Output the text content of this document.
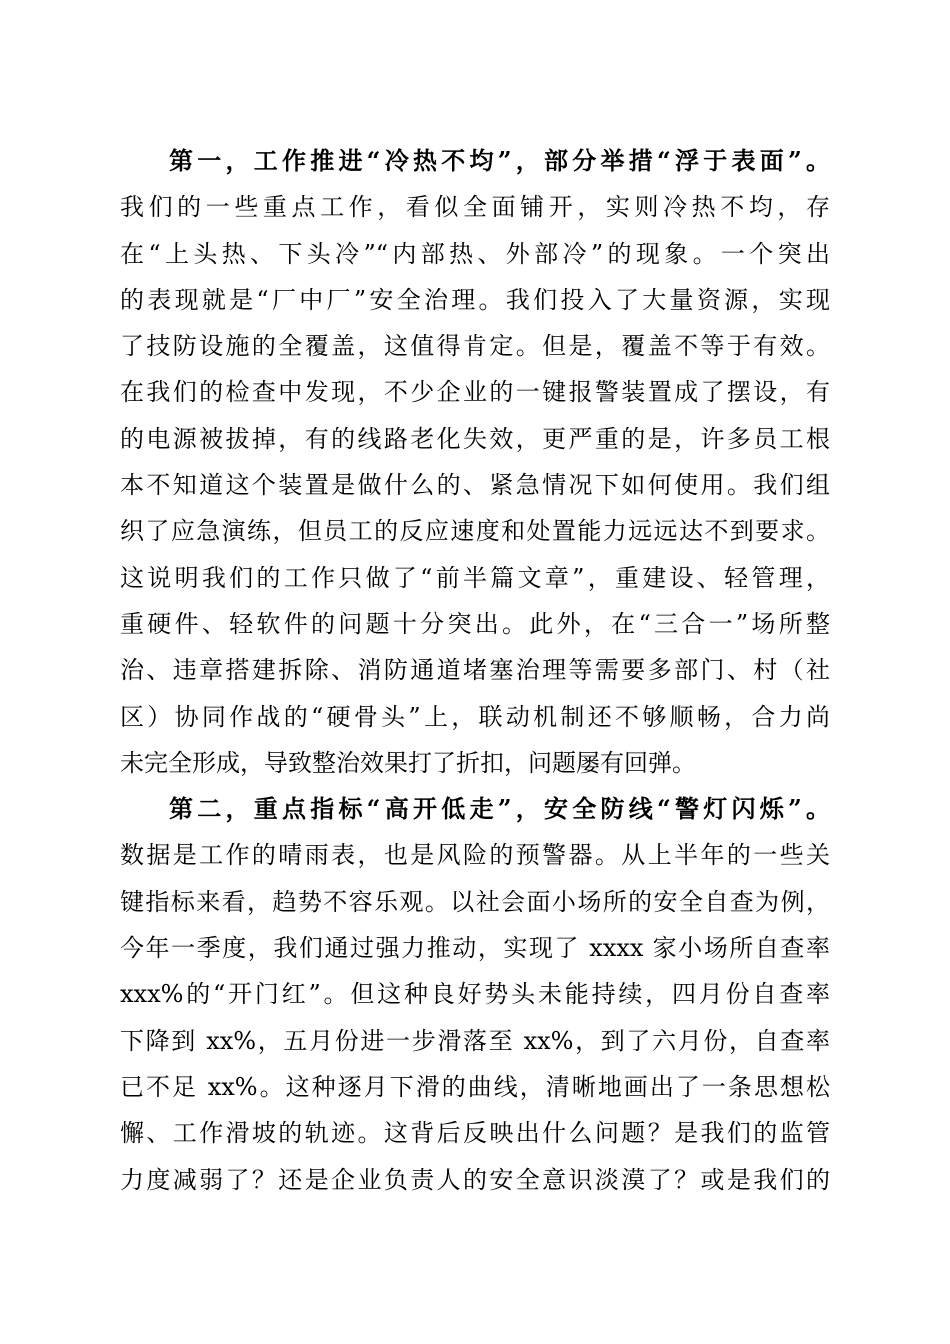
第一，工作推进“冷热不均”，部分举措“浮于表面”。
我们的一些重点工作，看似全面铺开，实则冷热不均，存
在“上头热、下头冷”“内部热、外部冷”的现象。一个突出
的表现就是“厂中厂”安全治理。我们投入了大量资源，实现
了技防设施的全覆盖，这值得肯定。但是，覆盖不等于有效。
在我们的检查中发现，不少企业的一键报警装置成了摆设，有
的电源被拔掉，有的线路老化失效，更严重的是，许多员工根
本不知道这个装置是做什么的、紧急情况下如何使用。我们组
织了应急演练，但员工的反应速度和处置能力远远达不到要求。
这说明我们的工作只做了“前半篇文章”，重建设、轻管理，
重硬件、轻软件的问题十分突出。此外，在“三合一”场所整
治、违章搭建拆除、消防通道堵塞治理等需要多部门、村（社
区）协同作战的“硬骨头”上，联动机制还不够顺畅，合力尚
未完全形成，导致整治效果打了折扣，问题屡有回弹。
第二，重点指标“高开低走”，安全防线“警灯闪烁”。
数据是工作的晴雨表，也是风险的预警器。从上半年的一些关
键指标来看，趋势不容乐观。以社会面小场所的安全自查为例，
今年一季度，我们通过强力推动，实现了 xxxx 家小场所自查率
xxx%的“开门红”。但这种良好势头未能持续，四月份自查率
下降到 xx%，五月份进一步滑落至 xx%，到了六月份，自查率
已不足 xx%。这种逐月下滑的曲线，清晰地画出了一条思想松
懈、工作滑坡的轨迹。这背后反映出什么问题？是我们的监管
力度减弱了？还是企业负责人的安全意识淡漠了？或是我们的
